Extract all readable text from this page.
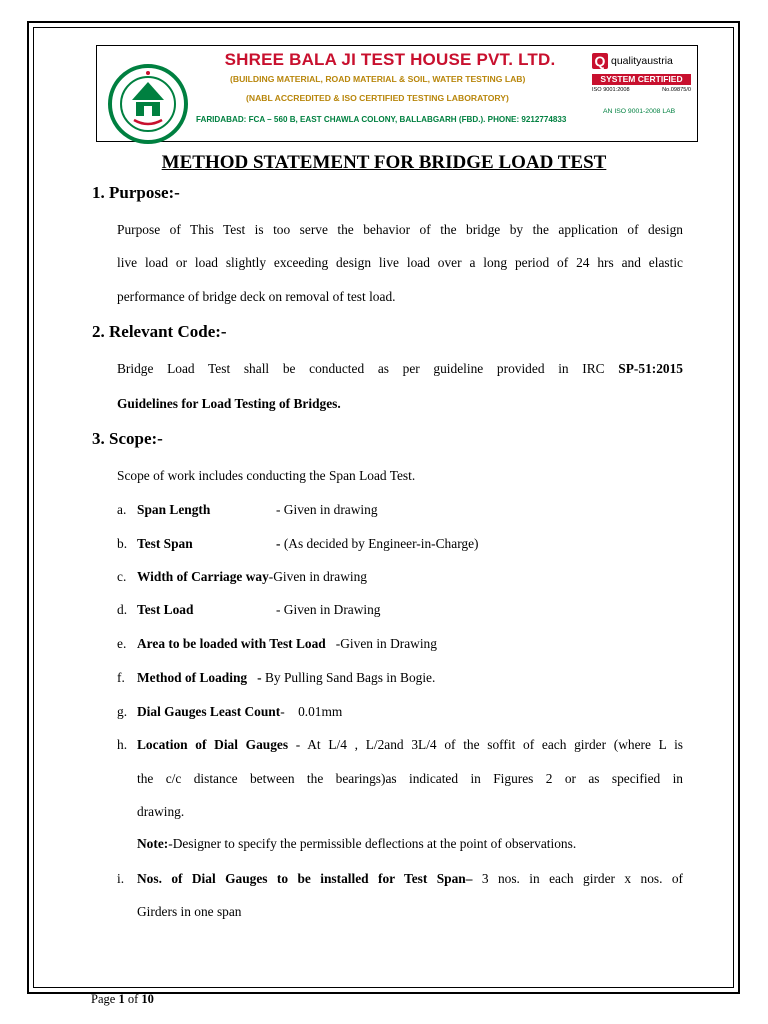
SHREE BALA JI TEST HOUSE PVT. LTD.
(BUILDING MATERIAL, ROAD MATERIAL & SOIL, WATER TESTING LAB)
(NABL ACCREDITED & ISO CERTIFIED TESTING LABORATORY)
FARIDABAD: FCA – 560 B, EAST CHAWLA COLONY, BALLABGARH (FBD.). PHONE: 9212774833
Q qualityaustria
SYSTEM CERTIFIED
ISO 9001:2008	No.09875/0
AN ISO 9001-2008 LAB
METHOD STATEMENT FOR BRIDGE LOAD TEST
1. Purpose:-
Purpose of This Test is too serve the behavior of the bridge by the application of design
live load or load slightly exceeding design live load over a long period of 24 hrs and elastic
performance of bridge deck on removal of test load.
2. Relevant Code:-
Bridge Load Test shall be conducted as per guideline provided in IRC SP-51:2015
Guidelines for Load Testing of Bridges.
3. Scope:-
Scope of work includes conducting the Span Load Test.
a. Span Length	- Given in drawing
b. Test Span	- (As decided by Engineer-in-Charge)
c. Width of Carriage way-Given in drawing
d. Test Load	- Given in Drawing
e. Area to be loaded with Test Load -Given in Drawing
f. Method of Loading   - By Pulling Sand Bags in Bogie.
g. Dial Gauges Least Count-    0.01mm
h. Location of Dial Gauges - At L/4 , L/2and 3L/4 of the soffit of each girder (where L is
the c/c distance between the bearings)as indicated in Figures 2 or as specified in
drawing.
Note:-Designer to specify the permissible deflections at the point of observations.
i. Nos. of Dial Gauges to be installed for Test Span– 3 nos. in each girder x nos. of
Girders in one span
Page 1 of 10
